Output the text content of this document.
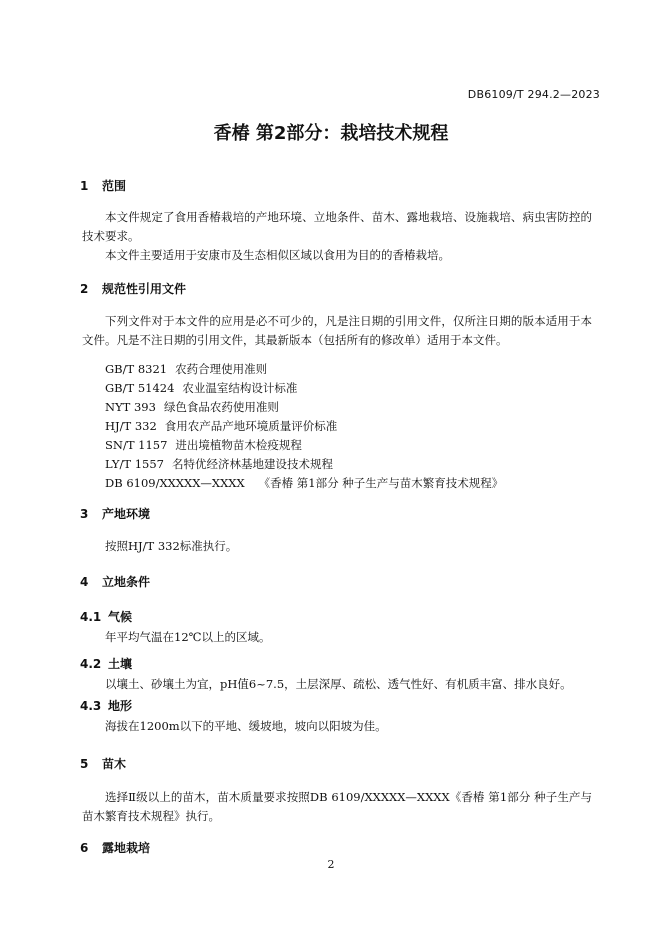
DB6109/T 294.2—2023
香椿 第2部分：栽培技术规程
1 范围

本文件规定了食用香椿栽培的产地环境、立地条件、苗木、露地栽培、设施栽培、病虫害防控的技术要求。

本文件主要适用于安康市及生态相似区域以食用为目的的香椿栽培。

2 规范性引用文件

下列文件对于本文件的应用是必不可少的，凡是注日期的引用文件，仅所注日期的版本适用于本文件。凡是不注日期的引用文件，其最新版本（包括所有的修改单）适用于本文件。

GB/T 8321 农药合理使用准则
GB/T 51424 农业温室结构设计标准
NYT 393 绿色食品农药使用准则
HJ/T 332 食用农产品产地环境质量评价标准
SN/T 1157 进出境植物苗木检疫规程
LY/T 1557 名特优经济林基地建设技术规程
DB 6109/XXXXX—XXXX 《香椿 第1部分 种子生产与苗木繁育技术规程》
3 产地环境

按照HJ/T 332标准执行。

4 立地条件
4.1 气候

年平均气温在12℃以上的区域。

4.2 土壤

以壤土、砂壤土为宜，pH值6~7.5，土层深厚、疏松、透气性好、有机质丰富、排水良好。

4.3 地形

海拔在1200m以下的平地、缓坡地，坡向以阳坡为佳。

5 苗木

选择Ⅱ级以上的苗木，苗木质量要求按照DB 6109/XXXXX—XXXX《香椿 第1部分 种子生产与苗木繁育技术规程》执行。

6 露地栽培
2
